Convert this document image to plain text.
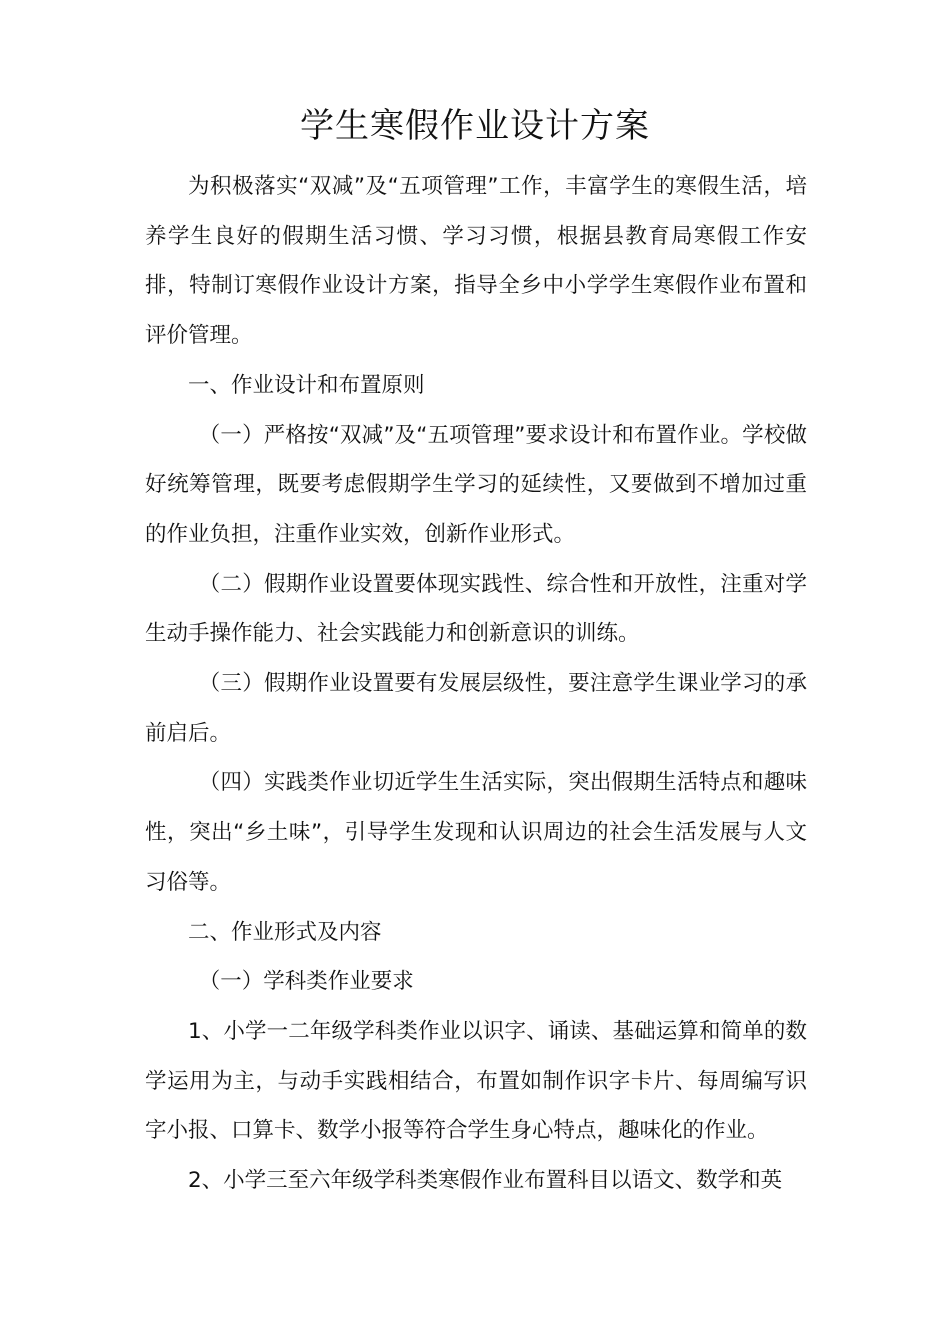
学生寒假作业设计方案

为积极落实“双减”及“五项管理”工作，丰富学生的寒假生活，培养学生良好的假期生活习惯、学习习惯，根据县教育局寒假工作安排，特制订寒假作业设计方案，指导全乡中小学学生寒假作业布置和评价管理。

一、作业设计和布置原则

（一）严格按“双减”及“五项管理”要求设计和布置作业。学校做好统筹管理，既要考虑假期学生学习的延续性，又要做到不增加过重的作业负担，注重作业实效，创新作业形式。

（二）假期作业设置要体现实践性、综合性和开放性，注重对学生动手操作能力、社会实践能力和创新意识的训练。

（三）假期作业设置要有发展层级性，要注意学生课业学习的承前启后。

（四）实践类作业切近学生生活实际，突出假期生活特点和趣味性，突出“乡土味”，引导学生发现和认识周边的社会生活发展与人文习俗等。

二、作业形式及内容

（一）学科类作业要求

1、小学一二年级学科类作业以识字、诵读、基础运算和简单的数学运用为主，与动手实践相结合，布置如制作识字卡片、每周编写识字小报、口算卡、数学小报等符合学生身心特点，趣味化的作业。

2、小学三至六年级学科类寒假作业布置科目以语文、数学和英
